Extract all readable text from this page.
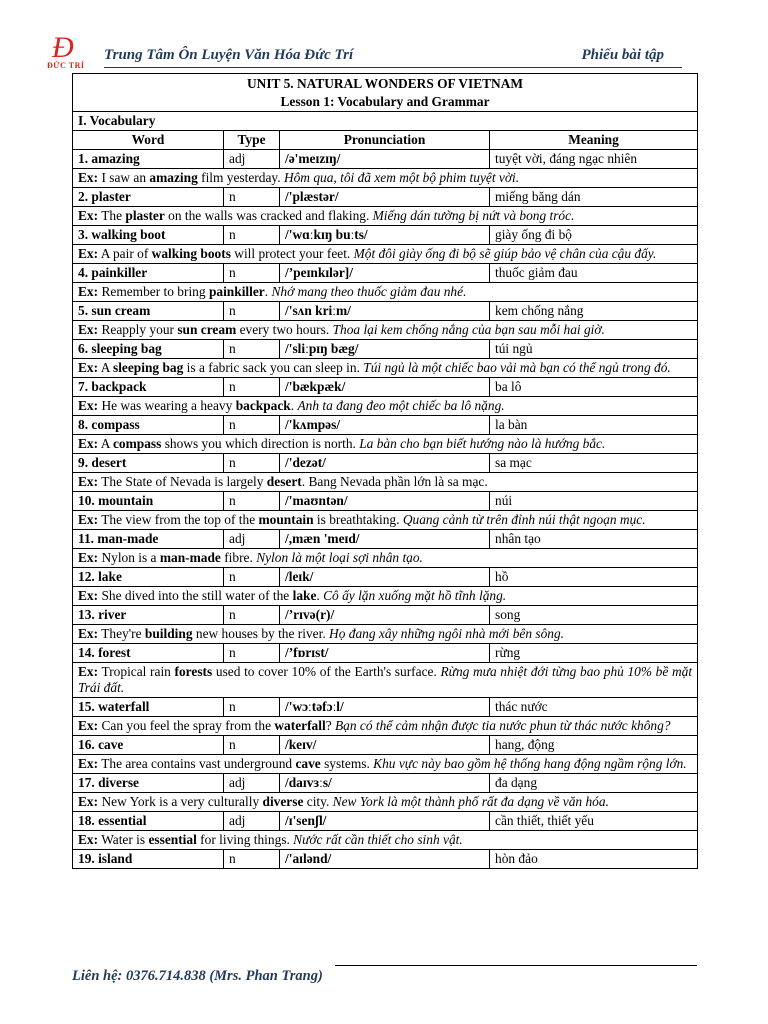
Đ
ĐỨC TRÍ
Trung Tâm Ôn Luyện Văn Hóa Đức Trí	Phiếu bài tập
UNIT 5. NATURAL WONDERS OF VIETNAM
Lesson 1: Vocabulary and Grammar			

I. Vocabulary			
Word	Type	Pronunciation	Meaning
1. amazing	adj	/ə'meɪzɪŋ/	tuyệt vời, đáng ngạc nhiên
Ex: I saw an amazing film yesterday. Hôm qua, tôi đã xem một bộ phim tuyệt vời.			
2. plaster	n	/'plæstər/	miếng băng dán
Ex: The plaster on the walls was cracked and flaking. Miếng dán tường bị nứt và bong tróc.			
3. walking boot	n	/'wɑːkɪŋ buːts/	giày ống đi bộ
Ex: A pair of walking boots will protect your feet. Một đôi giày ống đi bộ sẽ giúp bảo vệ chân của cậu đấy.			
4. painkiller	n	/’peɪnkɪlər]/	thuốc giảm đau
Ex: Remember to bring painkiller. Nhớ mang theo thuốc giảm đau nhé.			
5. sun cream	n	/'sʌn kriːm/	kem chống nắng
Ex: Reapply your sun cream every two hours. Thoa lại kem chống nắng của bạn sau mỗi hai giờ.			
6. sleeping bag	n	/'sliːpɪŋ bæg/	túi ngủ
Ex: A sleeping bag is a fabric sack you can sleep in. Túi ngủ là một chiếc bao vải mà bạn có thể ngủ trong đó.			
7. backpack	n	/'bækpæk/	ba lô
Ex: He was wearing a heavy backpack. Anh ta đang đeo một chiếc ba lô nặng.			
8. compass	n	/'kʌmpəs/	la bàn
Ex: A compass shows you which direction is north. La bàn cho bạn biết hướng nào là hướng bắc.			
9. desert	n	/'dezət/	sa mạc
Ex: The State of Nevada is largely desert. Bang Nevada phần lớn là sa mạc.			
10. mountain	n	/'maʊntən/	núi
Ex: The view from the top of the mountain is breathtaking. Quang cảnh từ trên đỉnh núi thật ngoạn mục.			
11. man-made	adj	/,mæn 'meɪd/	nhân tạo
Ex: Nylon is a man-made fibre. Nylon là một loại sợi nhân tạo.			
12. lake	n	/leɪk/	hồ
Ex: She dived into the still water of the lake. Cô ấy lặn xuống mặt hồ tĩnh lặng.			
13. river	n	/’rɪvə(r)/	song
Ex: They're building new houses by the river. Họ đang xây những ngôi nhà mới bên sông.			
14. forest	n	/’fɒrɪst/	rừng
Ex: Tropical rain forests used to cover 10% of the Earth's surface. Rừng mưa nhiệt đới từng bao phủ 10% bề mặt Trái đất.			
15. waterfall	n	/'wɔːtəfɔːl/	thác nước
Ex: Can you feel the spray from the waterfall? Bạn có thể cảm nhận được tia nước phun từ thác nước không?			
16. cave	n	/keɪv/	hang, động
Ex: The area contains vast underground cave systems. Khu vực này bao gồm hệ thống hang động ngầm rộng lớn.			
17. diverse	adj	/daɪvɜːs/	đa dạng
Ex: New York is a very culturally diverse city. New York là một thành phố rất đa dạng về văn hóa.			
18. essential	adj	/ɪ'senʃl/	cần thiết, thiết yếu
Ex: Water is essential for living things. Nước rất cần thiết cho sinh vật.			
19. island	n	/'aɪlənd/	hòn đảo
Liên hệ: 0376.714.838 (Mrs. Phan Trang)
